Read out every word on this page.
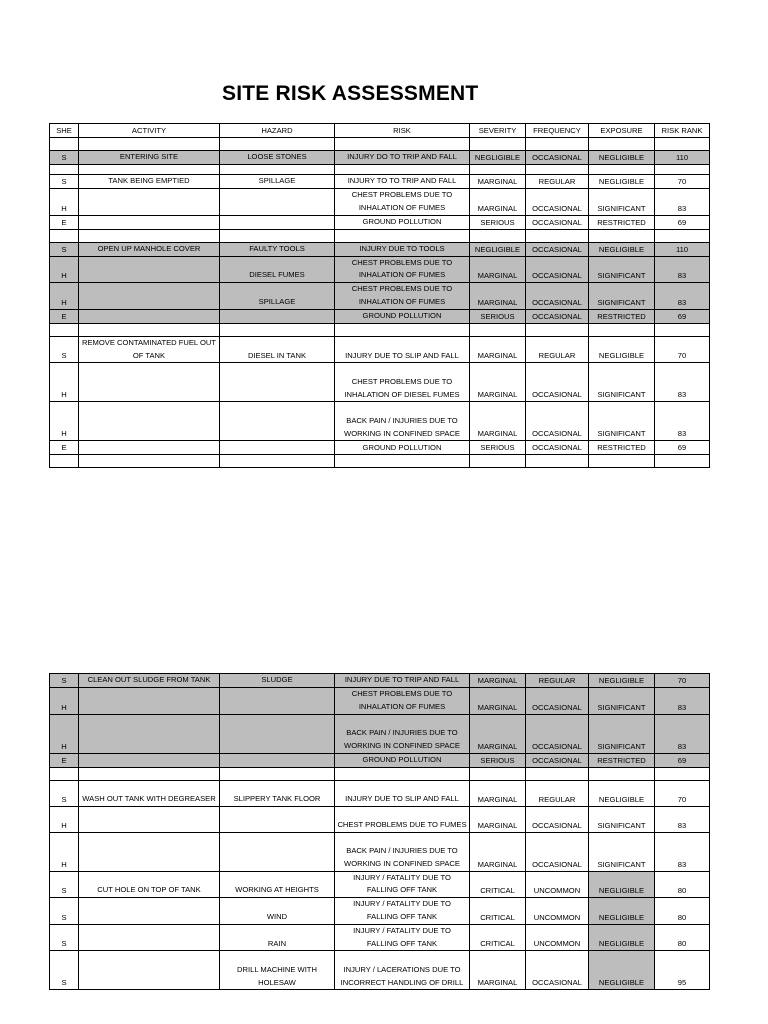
SITE RISK ASSESSMENT
SHE	ACTIVITY	HAZARD	RISK	SEVERITY	FREQUENCY	EXPOSURE	RISK RANK

S	ENTERING SITE	LOOSE STONES	INJURY DO TO TRIP AND FALL	NEGLIGIBLE	OCCASIONAL	NEGLIGIBLE	110

S	TANK BEING EMPTIED	SPILLAGE	INJURY TO TO TRIP AND FALL	MARGINAL	REGULAR	NEGLIGIBLE	70
H			CHEST PROBLEMS DUE TO INHALATION OF FUMES	MARGINAL	OCCASIONAL	SIGNIFICANT	83
E			GROUND POLLUTION	SERIOUS	OCCASIONAL	RESTRICTED	69

S	OPEN UP MANHOLE COVER	FAULTY TOOLS	INJURY DUE TO TOOLS	NEGLIGIBLE	OCCASIONAL	NEGLIGIBLE	110
H		DIESEL FUMES	CHEST PROBLEMS DUE TO INHALATION OF FUMES	MARGINAL	OCCASIONAL	SIGNIFICANT	83
H		SPILLAGE	CHEST PROBLEMS DUE TO INHALATION OF FUMES	MARGINAL	OCCASIONAL	SIGNIFICANT	83
E			GROUND POLLUTION	SERIOUS	OCCASIONAL	RESTRICTED	69

S	REMOVE CONTAMINATED FUEL OUT OF TANK	DIESEL IN TANK	INJURY DUE TO SLIP AND FALL	MARGINAL	REGULAR	NEGLIGIBLE	70
H			CHEST PROBLEMS DUE TO INHALATION OF DIESEL FUMES	MARGINAL	OCCASIONAL	SIGNIFICANT	83
H			BACK PAIN / INJURIES DUE TO WORKING IN CONFINED SPACE	MARGINAL	OCCASIONAL	SIGNIFICANT	83
E			GROUND POLLUTION	SERIOUS	OCCASIONAL	RESTRICTED	69

S	CLEAN OUT SLUDGE FROM TANK	SLUDGE	INJURY DUE TO TRIP AND FALL	MARGINAL	REGULAR	NEGLIGIBLE	70
H			CHEST PROBLEMS DUE TO INHALATION OF FUMES	MARGINAL	OCCASIONAL	SIGNIFICANT	83
H			BACK PAIN / INJURIES DUE TO WORKING IN CONFINED SPACE	MARGINAL	OCCASIONAL	SIGNIFICANT	83
E			GROUND POLLUTION	SERIOUS	OCCASIONAL	RESTRICTED	69

S	WASH OUT TANK WITH DEGREASER	SLIPPERY TANK FLOOR	INJURY DUE TO SLIP AND FALL	MARGINAL	REGULAR	NEGLIGIBLE	70
H			CHEST PROBLEMS DUE TO FUMES	MARGINAL	OCCASIONAL	SIGNIFICANT	83
H			BACK PAIN / INJURIES DUE TO WORKING IN CONFINED SPACE	MARGINAL	OCCASIONAL	SIGNIFICANT	83
S	CUT HOLE ON TOP OF TANK	WORKING AT HEIGHTS	INJURY / FATALITY DUE TO FALLING OFF TANK	CRITICAL	UNCOMMON	NEGLIGIBLE	80
S		WIND	INJURY / FATALITY DUE TO FALLING OFF TANK	CRITICAL	UNCOMMON	NEGLIGIBLE	80
S		RAIN	INJURY / FATALITY DUE TO FALLING OFF TANK	CRITICAL	UNCOMMON	NEGLIGIBLE	80
S		DRILL MACHINE WITH HOLESAW	INJURY / LACERATIONS DUE TO INCORRECT HANDLING OF DRILL	MARGINAL	OCCASIONAL	NEGLIGIBLE	95
